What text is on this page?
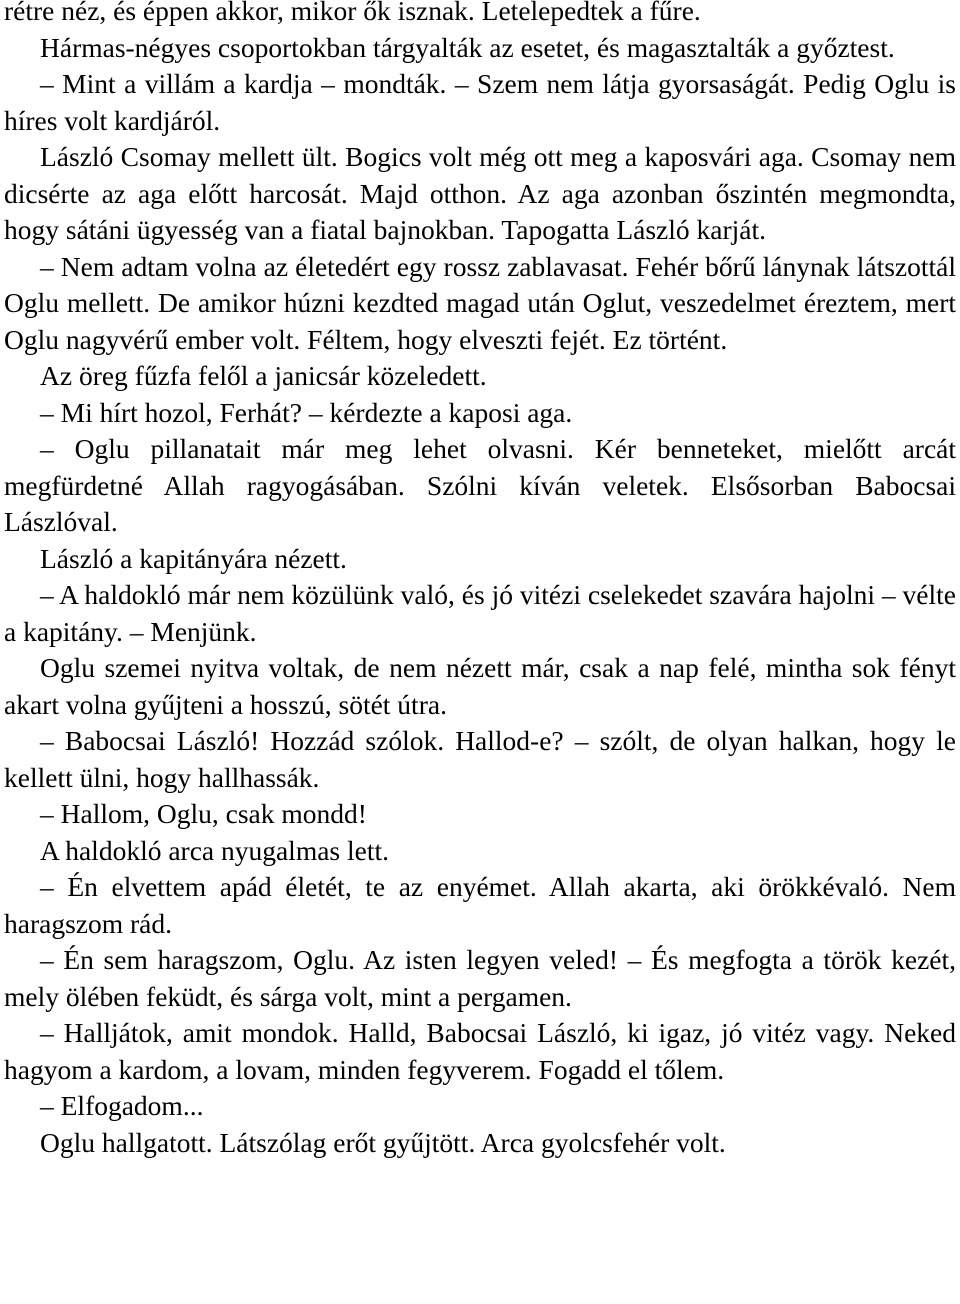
rétre néz, és éppen akkor, mikor ők isznak. Letelepedtek a fűre.

Hármas-négyes csoportokban tárgyalták az esetet, és magasztalták a győztest.

– Mint a villám a kardja – mondták. – Szem nem látja gyorsaságát. Pedig Oglu is híres volt kardjáról.

László Csomay mellett ült. Bogics volt még ott meg a kaposvári aga. Csomay nem dicsérte az aga előtt harcosát. Majd otthon. Az aga azonban őszintén megmondta, hogy sátáni ügyesség van a fiatal bajnokban. Tapogatta László karját.

– Nem adtam volna az életedért egy rossz zablavasat. Fehér bőrű lánynak látszottál Oglu mellett. De amikor húzni kezdted magad után Oglut, veszedelmet éreztem, mert Oglu nagyvérű ember volt. Féltem, hogy elveszti fejét. Ez történt.

Az öreg fűzfa felől a janicsár közeledett.

– Mi hírt hozol, Ferhát? – kérdezte a kaposi aga.

– Oglu pillanatait már meg lehet olvasni. Kér benneteket, mielőtt arcát megfürdetné Allah ragyogásában. Szólni kíván veletek. Elsősorban Babocsai Lászlóval.

László a kapitányára nézett.

– A haldokló már nem közülünk való, és jó vitézi cselekedet szavára hajolni – vélte a kapitány. – Menjünk.

Oglu szemei nyitva voltak, de nem nézett már, csak a nap felé, mintha sok fényt akart volna gyűjteni a hosszú, sötét útra.

– Babocsai László! Hozzád szólok. Hallod-e? – szólt, de olyan halkan, hogy le kellett ülni, hogy hallhassák.

– Hallom, Oglu, csak mondd!

A haldokló arca nyugalmas lett.

– Én elvettem apád életét, te az enyémet. Allah akarta, aki örökkévaló. Nem haragszom rád.

– Én sem haragszom, Oglu. Az isten legyen veled! – És megfogta a török kezét, mely ölében feküdt, és sárga volt, mint a pergamen.

– Halljátok, amit mondok. Halld, Babocsai László, ki igaz, jó vitéz vagy. Neked hagyom a kardom, a lovam, minden fegyverem. Fogadd el tőlem.

– Elfogadom...

Oglu hallgatott. Látszólag erőt gyűjtött. Arca gyolcsfehér volt.
